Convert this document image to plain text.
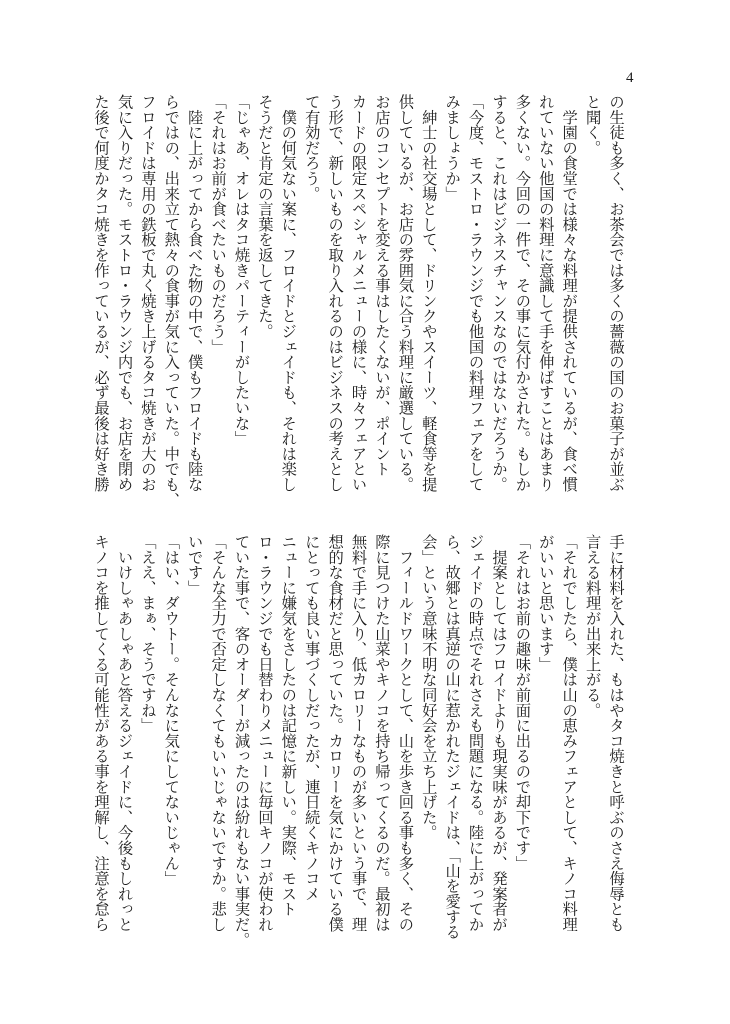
4
の生徒も多く、お茶会では多くの薔薇の国のお菓子が並ぶ
と聞く。
　学園の食堂では様々な料理が提供されているが、食べ慣
れていない他国の料理に意識して手を伸ばすことはあまり
多くない。今回の一件で、その事に気付かされた。もしか
すると、これはビジネスチャンスなのではないだろうか。
「今度、モストロ・ラウンジでも他国の料理フェアをして
みましょうか」
　紳士の社交場として、ドリンクやスイーツ、軽食等を提
供しているが、お店の雰囲気に合う料理に厳選している。
お店のコンセプトを変える事はしたくないが、ポイント
カードの限定スペシャルメニューの様に、時々フェアとい
う形で、新しいものを取り入れるのはビジネスの考えとし
て有効だろう。
　僕の何気ない案に、フロイドとジェイドも、それは楽し
そうだと肯定の言葉を返してきた。
「じゃあ、オレはタコ焼きパーティーがしたいな」
「それはお前が食べたいものだろう」
　陸に上がってから食べた物の中で、僕もフロイドも陸な
らではの、出来立て熱々の食事が気に入っていた。中でも、
フロイドは専用の鉄板で丸く焼き上げるタコ焼きが大のお
気に入りだった。モストロ・ラウンジ内でも、お店を閉め
た後で何度かタコ焼きを作っているが、必ず最後は好き勝
手に材料を入れた、もはやタコ焼きと呼ぶのさえ侮辱とも
言える料理が出来上がる。
「それでしたら、僕は山の恵みフェアとして、キノコ料理
がいいと思います」
「それはお前の趣味が前面に出るので却下です」
　提案としてはフロイドよりも現実味があるが、発案者が
ジェイドの時点でそれさえも問題になる。陸に上がってか
ら、故郷とは真逆の山に惹かれたジェイドは、「山を愛する
会」という意味不明な同好会を立ち上げた。
　フィールドワークとして、山を歩き回る事も多く、その
際に見つけた山菜やキノコを持ち帰ってくるのだ。最初は
無料で手に入り、低カロリーなものが多いという事で、理
想的な食材だと思っていた。カロリーを気にかけている僕
にとっても良い事づくしだったが、連日続くキノコメ
ニューに嫌気をさしたのは記憶に新しい。実際、モスト
ロ・ラウンジでも日替わりメニューに毎回キノコが使われ
ていた事で、客のオーダーが減ったのは紛れもない事実だ。
「そんな全力で否定しなくてもいいじゃないですか。悲し
いです」
「はい、ダウトー。そんなに気にしてないじゃん」
「ええ、まぁ、そうですね」
　いけしゃあしゃあと答えるジェイドに、今後もしれっと
キノコを推してくる可能性がある事を理解し、注意を怠ら
